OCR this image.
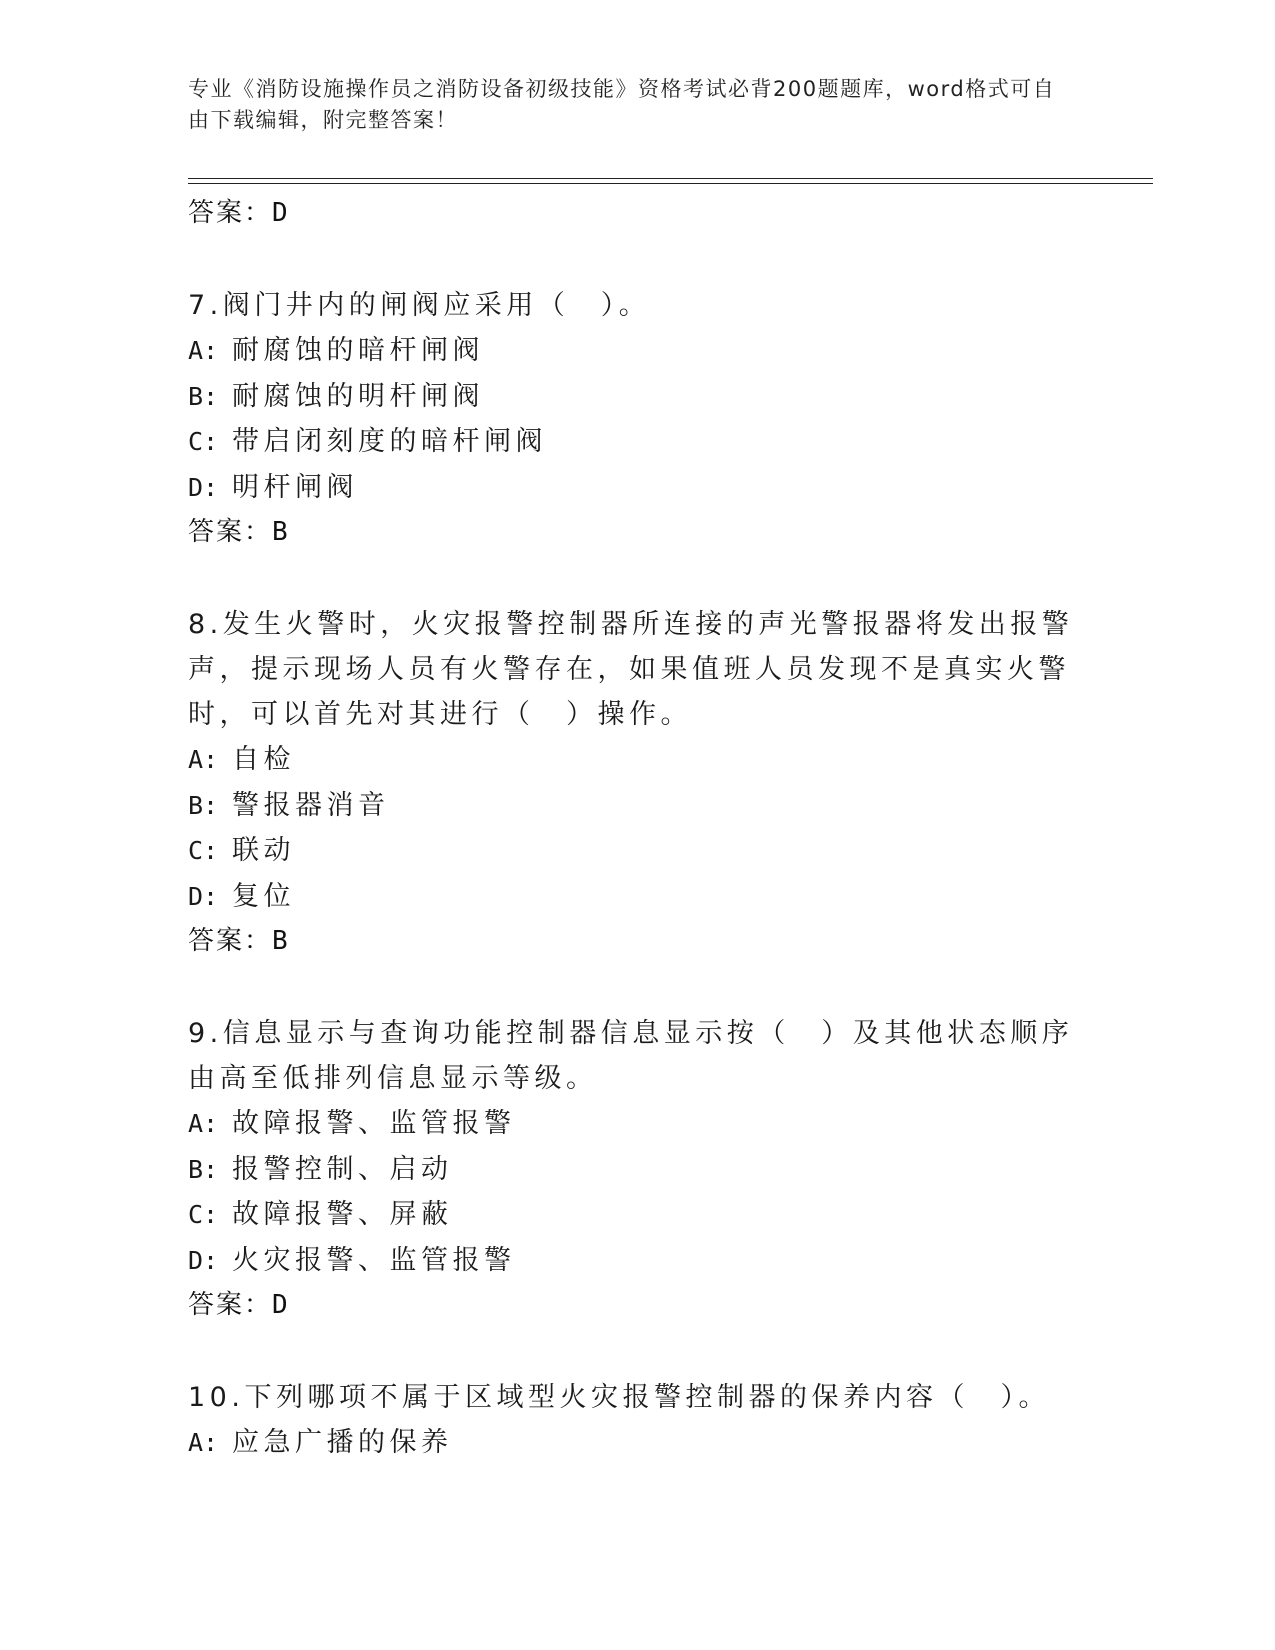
专业《消防设施操作员之消防设备初级技能》资格考试必背200题题库，word格式可自由下载编辑，附完整答案！
答案：D
7.阀门井内的闸阀应采用（　）。
A: 耐腐蚀的暗杆闸阀
B: 耐腐蚀的明杆闸阀
C: 带启闭刻度的暗杆闸阀
D: 明杆闸阀
答案：B
8.发生火警时，火灾报警控制器所连接的声光警报器将发出报警声，提示现场人员有火警存在，如果值班人员发现不是真实火警时，可以首先对其进行（　）操作。
A: 自检
B: 警报器消音
C: 联动
D: 复位
答案：B
9.信息显示与查询功能控制器信息显示按（　）及其他状态顺序由高至低排列信息显示等级。
A: 故障报警、监管报警
B: 报警控制、启动
C: 故障报警、屏蔽
D: 火灾报警、监管报警
答案：D
10.下列哪项不属于区域型火灾报警控制器的保养内容（　）。
A: 应急广播的保养
